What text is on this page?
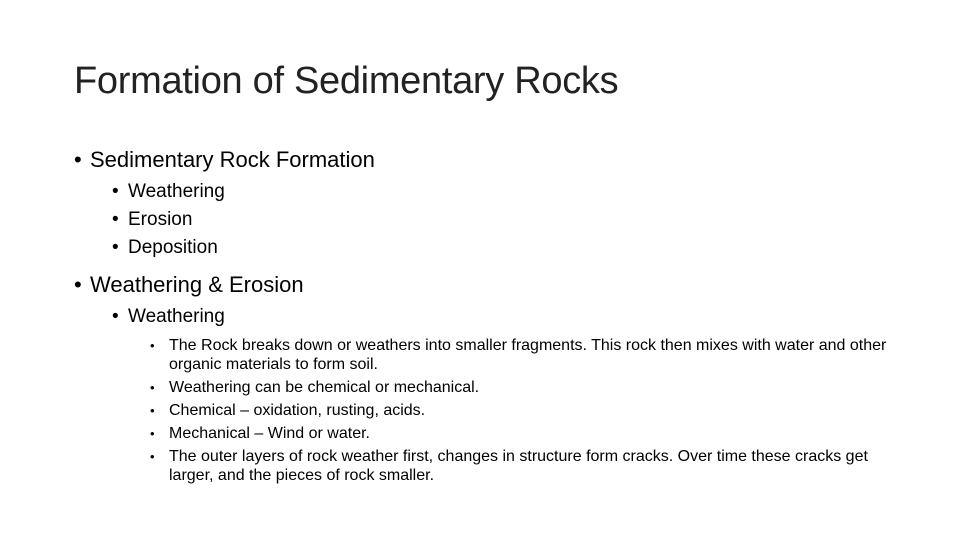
Formation of Sedimentary Rocks
• Sedimentary Rock Formation
• Weathering
• Erosion
• Deposition
• Weathering & Erosion
• Weathering
• The Rock breaks down or weathers into smaller fragments. This rock then mixes with water and other organic materials to form soil.
• Weathering can be chemical or mechanical.
• Chemical – oxidation, rusting, acids.
• Mechanical – Wind or water.
• The outer layers of rock weather first, changes in structure form cracks. Over time these cracks get larger, and the pieces of rock smaller.
